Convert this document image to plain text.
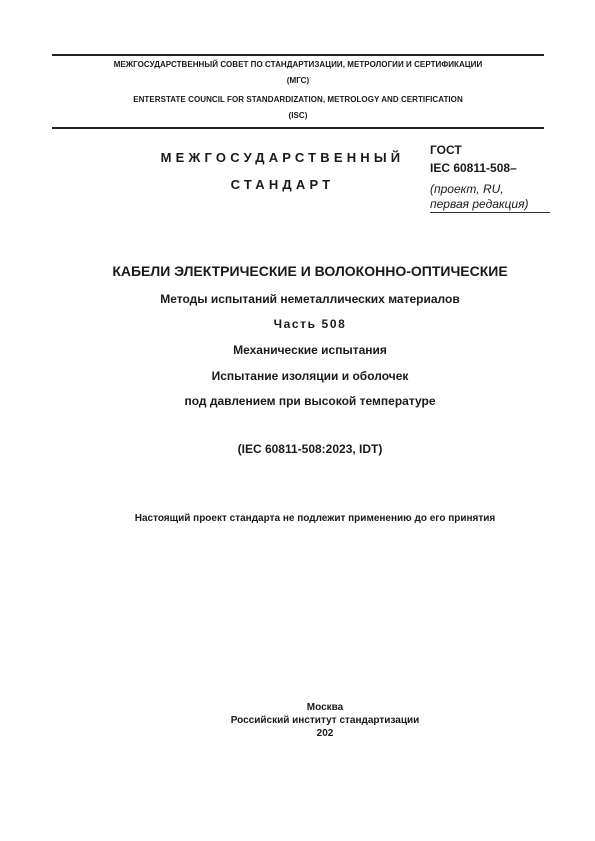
МЕЖГОСУДАРСТВЕННЫЙ СОВЕТ ПО СТАНДАРТИЗАЦИИ, МЕТРОЛОГИИ И СЕРТИФИКАЦИИ
(МГС)
ENTERSTATE COUNCIL FOR STANDARDIZATION, METROLOGY AND CERTIFICATION
(ISC)
МЕЖГОСУДАРСТВЕННЫЙ
СТАНДАРТ
ГОСТ
IEC 60811-508–
(проект, RU,
первая редакция)
КАБЕЛИ ЭЛЕКТРИЧЕСКИЕ И ВОЛОКОННО-ОПТИЧЕСКИЕ
Методы испытаний неметаллических материалов
Часть 508
Механические испытания
Испытание изоляции и оболочек
под давлением при высокой температуре
(IEC 60811-508:2023, IDT)
Настоящий проект стандарта не подлежит применению до его принятия
Москва
Российский институт стандартизации
202
